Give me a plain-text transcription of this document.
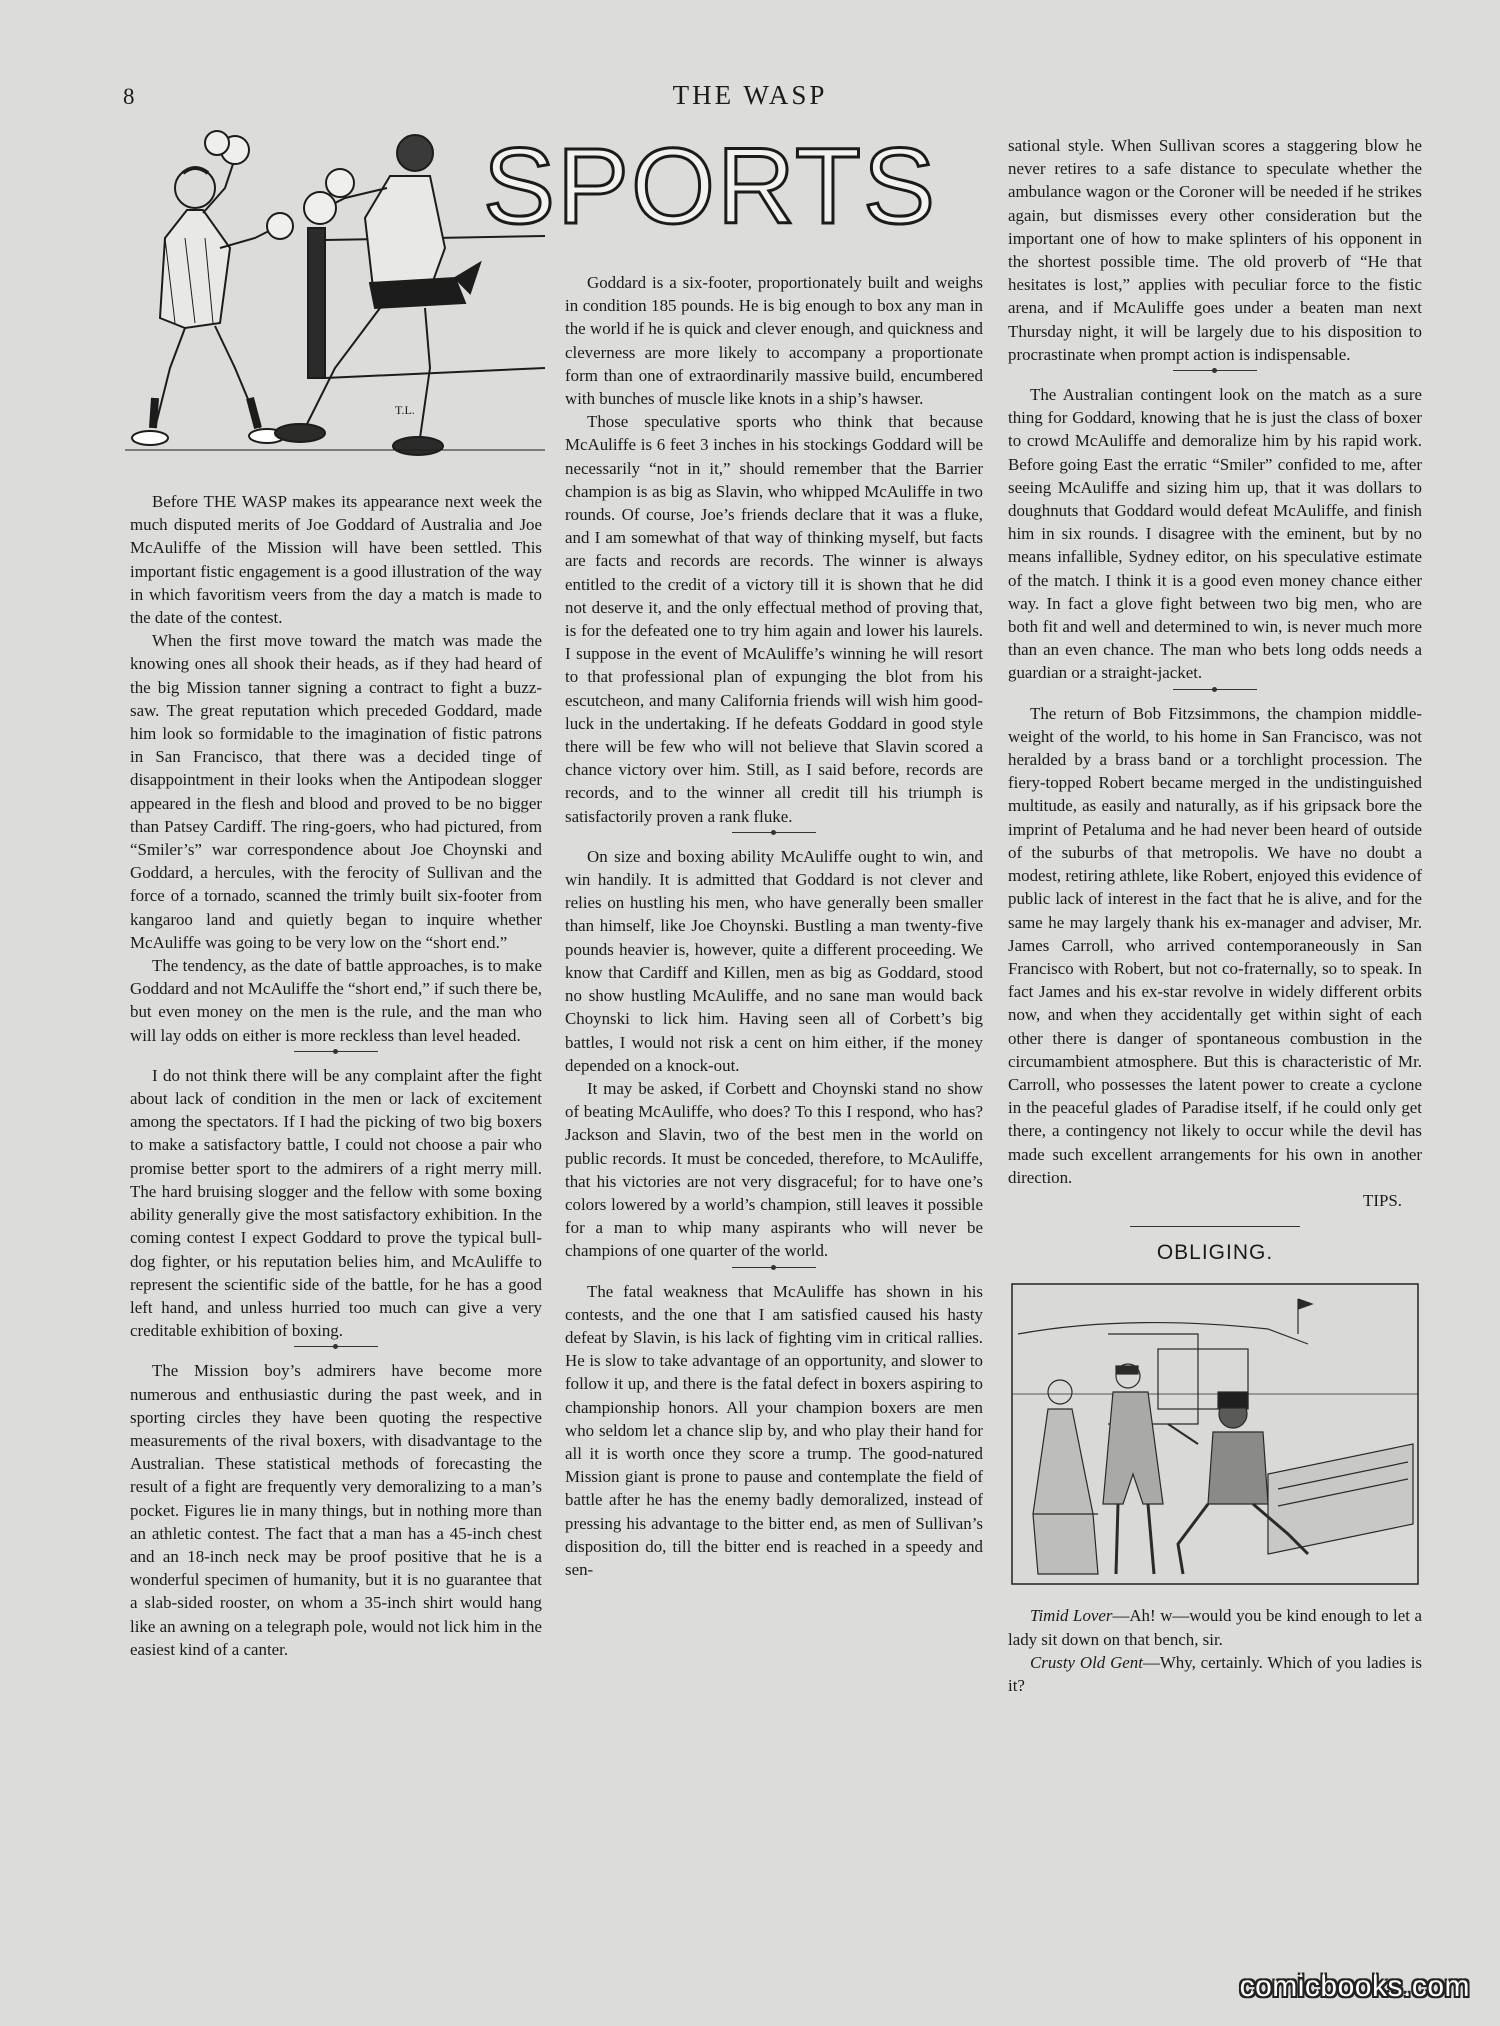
8	THE WASP
T.L.
SPORTS

Before THE WASP makes its appearance next week the much disputed merits of Joe Goddard of Australia and Joe McAuliffe of the Mission will have been settled. This important fistic engagement is a good illustration of the way in which favoritism veers from the day a match is made to the date of the contest.

When the first move toward the match was made the knowing ones all shook their heads, as if they had heard of the big Mission tanner signing a contract to fight a buzz-saw. The great reputation which preceded Goddard, made him look so formidable to the imagination of fistic patrons in San Francisco, that there was a decided tinge of disappointment in their looks when the Antipodean slogger appeared in the flesh and blood and proved to be no bigger than Patsey Cardiff. The ring-goers, who had pictured, from “Smiler’s” war correspondence about Joe Choynski and Goddard, a hercules, with the ferocity of Sullivan and the force of a tornado, scanned the trimly built six-footer from kangaroo land and quietly began to inquire whether McAuliffe was going to be very low on the “short end.”

The tendency, as the date of battle approaches, is to make Goddard and not McAuliffe the “short end,” if such there be, but even money on the men is the rule, and the man who will lay odds on either is more reckless than level headed.

I do not think there will be any complaint after the fight about lack of condition in the men or lack of excitement among the spectators. If I had the picking of two big boxers to make a satisfactory battle, I could not choose a pair who promise better sport to the admirers of a right merry mill. The hard bruising slogger and the fellow with some boxing ability generally give the most satisfactory exhibition. In the coming contest I expect Goddard to prove the typical bull-dog fighter, or his reputation belies him, and McAuliffe to represent the scientific side of the battle, for he has a good left hand, and unless hurried too much can give a very creditable exhibition of boxing.

The Mission boy’s admirers have become more numerous and enthusiastic during the past week, and in sporting circles they have been quoting the respective measurements of the rival boxers, with disadvantage to the Australian. These statistical methods of forecasting the result of a fight are frequently very demoralizing to a man’s pocket. Figures lie in many things, but in nothing more than an athletic contest. The fact that a man has a 45-inch chest and an 18-inch neck may be proof positive that he is a wonderful specimen of humanity, but it is no guarantee that a slab-sided rooster, on whom a 35-inch shirt would hang like an awning on a telegraph pole, would not lick him in the easiest kind of a canter.

Goddard is a six-footer, proportionately built and weighs in condition 185 pounds. He is big enough to box any man in the world if he is quick and clever enough, and quickness and cleverness are more likely to accompany a proportionate form than one of extraordinarily massive build, encumbered with bunches of muscle like knots in a ship’s hawser.

Those speculative sports who think that because McAuliffe is 6 feet 3 inches in his stockings Goddard will be necessarily “not in it,” should remember that the Barrier champion is as big as Slavin, who whipped McAuliffe in two rounds. Of course, Joe’s friends declare that it was a fluke, and I am somewhat of that way of thinking myself, but facts are facts and records are records. The winner is always entitled to the credit of a victory till it is shown that he did not deserve it, and the only effectual method of proving that, is for the defeated one to try him again and lower his laurels. I suppose in the event of McAuliffe’s winning he will resort to that professional plan of expunging the blot from his escutcheon, and many California friends will wish him good-luck in the undertaking. If he defeats Goddard in good style there will be few who will not believe that Slavin scored a chance victory over him. Still, as I said before, records are records, and to the winner all credit till his triumph is satisfactorily proven a rank fluke.

On size and boxing ability McAuliffe ought to win, and win handily. It is admitted that Goddard is not clever and relies on hustling his men, who have generally been smaller than himself, like Joe Choynski. Bustling a man twenty-five pounds heavier is, however, quite a different proceeding. We know that Cardiff and Killen, men as big as Goddard, stood no show hustling McAuliffe, and no sane man would back Choynski to lick him. Having seen all of Corbett’s big battles, I would not risk a cent on him either, if the money depended on a knock-out.

It may be asked, if Corbett and Choynski stand no show of beating McAuliffe, who does? To this I respond, who has? Jackson and Slavin, two of the best men in the world on public records. It must be conceded, therefore, to McAuliffe, that his victories are not very disgraceful; for to have one’s colors lowered by a world’s champion, still leaves it possible for a man to whip many aspirants who will never be champions of one quarter of the world.

The fatal weakness that McAuliffe has shown in his contests, and the one that I am satisfied caused his hasty defeat by Slavin, is his lack of fighting vim in critical rallies. He is slow to take advantage of an opportunity, and slower to follow it up, and there is the fatal defect in boxers aspiring to championship honors. All your champion boxers are men who seldom let a chance slip by, and who play their hand for all it is worth once they score a trump. The good-natured Mission giant is prone to pause and contemplate the field of battle after he has the enemy badly demoralized, instead of pressing his advantage to the bitter end, as men of Sullivan’s disposition do, till the bitter end is reached in a speedy and sen-

sational style. When Sullivan scores a staggering blow he never retires to a safe distance to speculate whether the ambulance wagon or the Coroner will be needed if he strikes again, but dismisses every other consideration but the important one of how to make splinters of his opponent in the shortest possible time. The old proverb of “He that hesitates is lost,” applies with peculiar force to the fistic arena, and if McAuliffe goes under a beaten man next Thursday night, it will be largely due to his disposition to procrastinate when prompt action is indispensable.

The Australian contingent look on the match as a sure thing for Goddard, knowing that he is just the class of boxer to crowd McAuliffe and demoralize him by his rapid work. Before going East the erratic “Smiler” confided to me, after seeing McAuliffe and sizing him up, that it was dollars to doughnuts that Goddard would defeat McAuliffe, and finish him in six rounds. I disagree with the eminent, but by no means infallible, Sydney editor, on his speculative estimate of the match. I think it is a good even money chance either way. In fact a glove fight between two big men, who are both fit and well and determined to win, is never much more than an even chance. The man who bets long odds needs a guardian or a straight-jacket.

The return of Bob Fitzsimmons, the champion middle-weight of the world, to his home in San Francisco, was not heralded by a brass band or a torchlight procession. The fiery-topped Robert became merged in the undistinguished multitude, as easily and naturally, as if his gripsack bore the imprint of Petaluma and he had never been heard of outside of the suburbs of that metropolis. We have no doubt a modest, retiring athlete, like Robert, enjoyed this evidence of public lack of interest in the fact that he is alive, and for the same he may largely thank his ex-manager and adviser, Mr. James Carroll, who arrived contemporaneously in San Francisco with Robert, but not co-fraternally, so to speak. In fact James and his ex-star revolve in widely different orbits now, and when they accidentally get within sight of each other there is danger of spontaneous combustion in the circumambient atmosphere. But this is characteristic of Mr. Carroll, who possesses the latent power to create a cyclone in the peaceful glades of Paradise itself, if he could only get there, a contingency not likely to occur while the devil has made such excellent arrangements for his own in another direction.

TIPS.
OBLIGING.

Timid Lover—Ah! w—would you be kind enough to let a lady sit down on that bench, sir.

Crusty Old Gent—Why, certainly. Which of you ladies is it?

comicbooks.com
